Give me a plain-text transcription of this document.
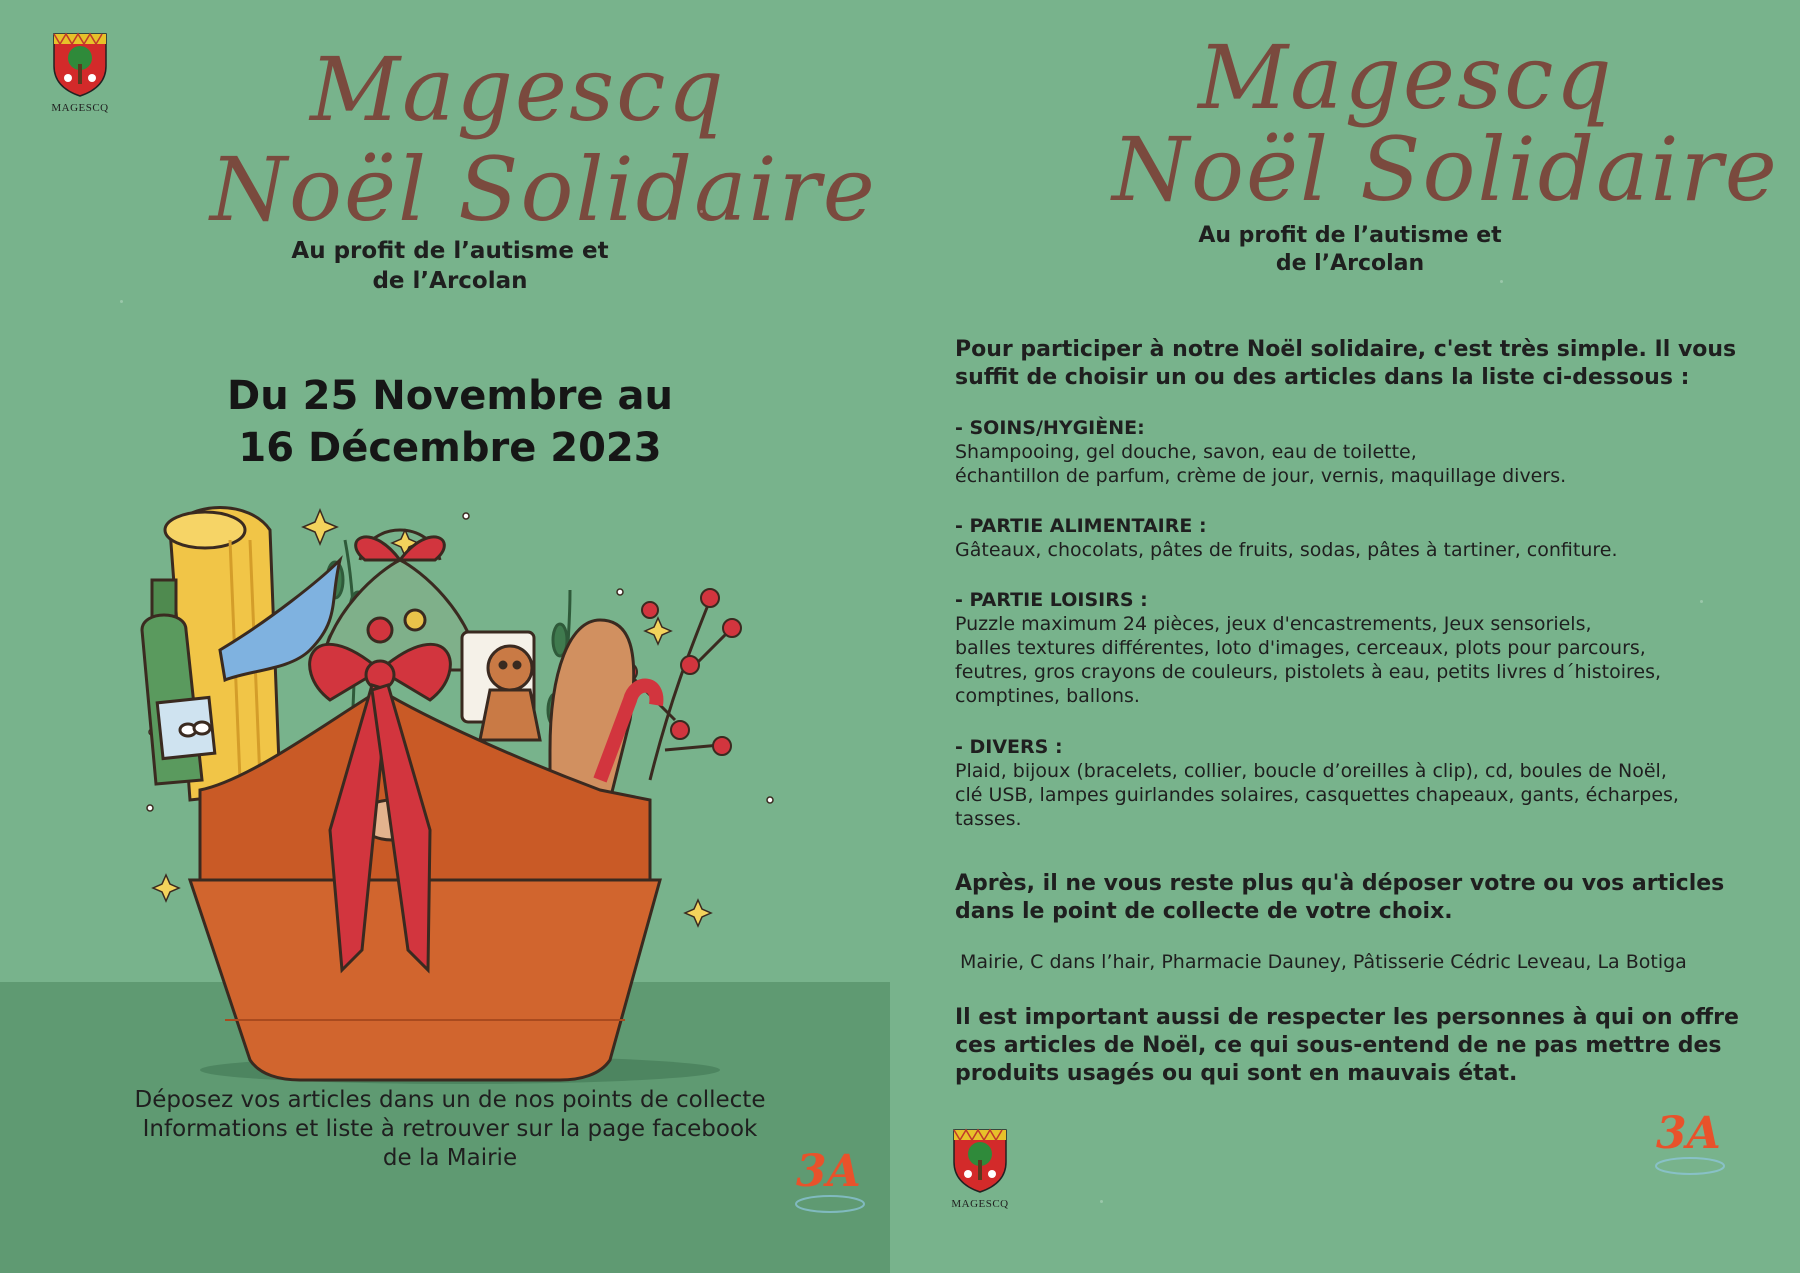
MAGESCQ Magescq
Noël Solidaire
Au profit de l’autisme et
de l’Arcolan
Du 25 Novembre au
16 Décembre 2023
Déposez vos articles dans un de nos points de collecte
Informations et liste à retrouver sur la page facebook
de la Mairie	3A
Magescq
Noël Solidaire
Au profit de l’autisme et
de l’Arcolan
Pour participer à notre Noël solidaire, c'est très simple. Il vous
suffit de choisir un ou des articles dans la liste ci-dessous :
- SOINS/HYGIÈNE:
Shampooing, gel douche, savon, eau de toilette,
échantillon de parfum, crème de jour, vernis, maquillage divers.
- PARTIE ALIMENTAIRE :
Gâteaux, chocolats, pâtes de fruits, sodas, pâtes à tartiner, confiture.
- PARTIE LOISIRS :
Puzzle maximum 24 pièces, jeux d'encastrements, Jeux sensoriels,
balles textures différentes, loto d'images, cerceaux, plots pour parcours,
feutres, gros crayons de couleurs, pistolets à eau, petits livres d´histoires,
comptines, ballons.
- DIVERS :
Plaid, bijoux (bracelets, collier, boucle d’oreilles à clip), cd, boules de Noël,
clé USB, lampes guirlandes solaires, casquettes chapeaux, gants, écharpes,
tasses.
Après, il ne vous reste plus qu'à déposer votre ou vos articles
dans le point de collecte de votre choix.
Mairie, C dans l’hair, Pharmacie Dauney, Pâtisserie Cédric Leveau, La Botiga
Il est important aussi de respecter les personnes à qui on offre
ces articles de Noël, ce qui sous-entend de ne pas mettre des
produits usagés ou qui sont en mauvais état.
MAGESCQ
3A
